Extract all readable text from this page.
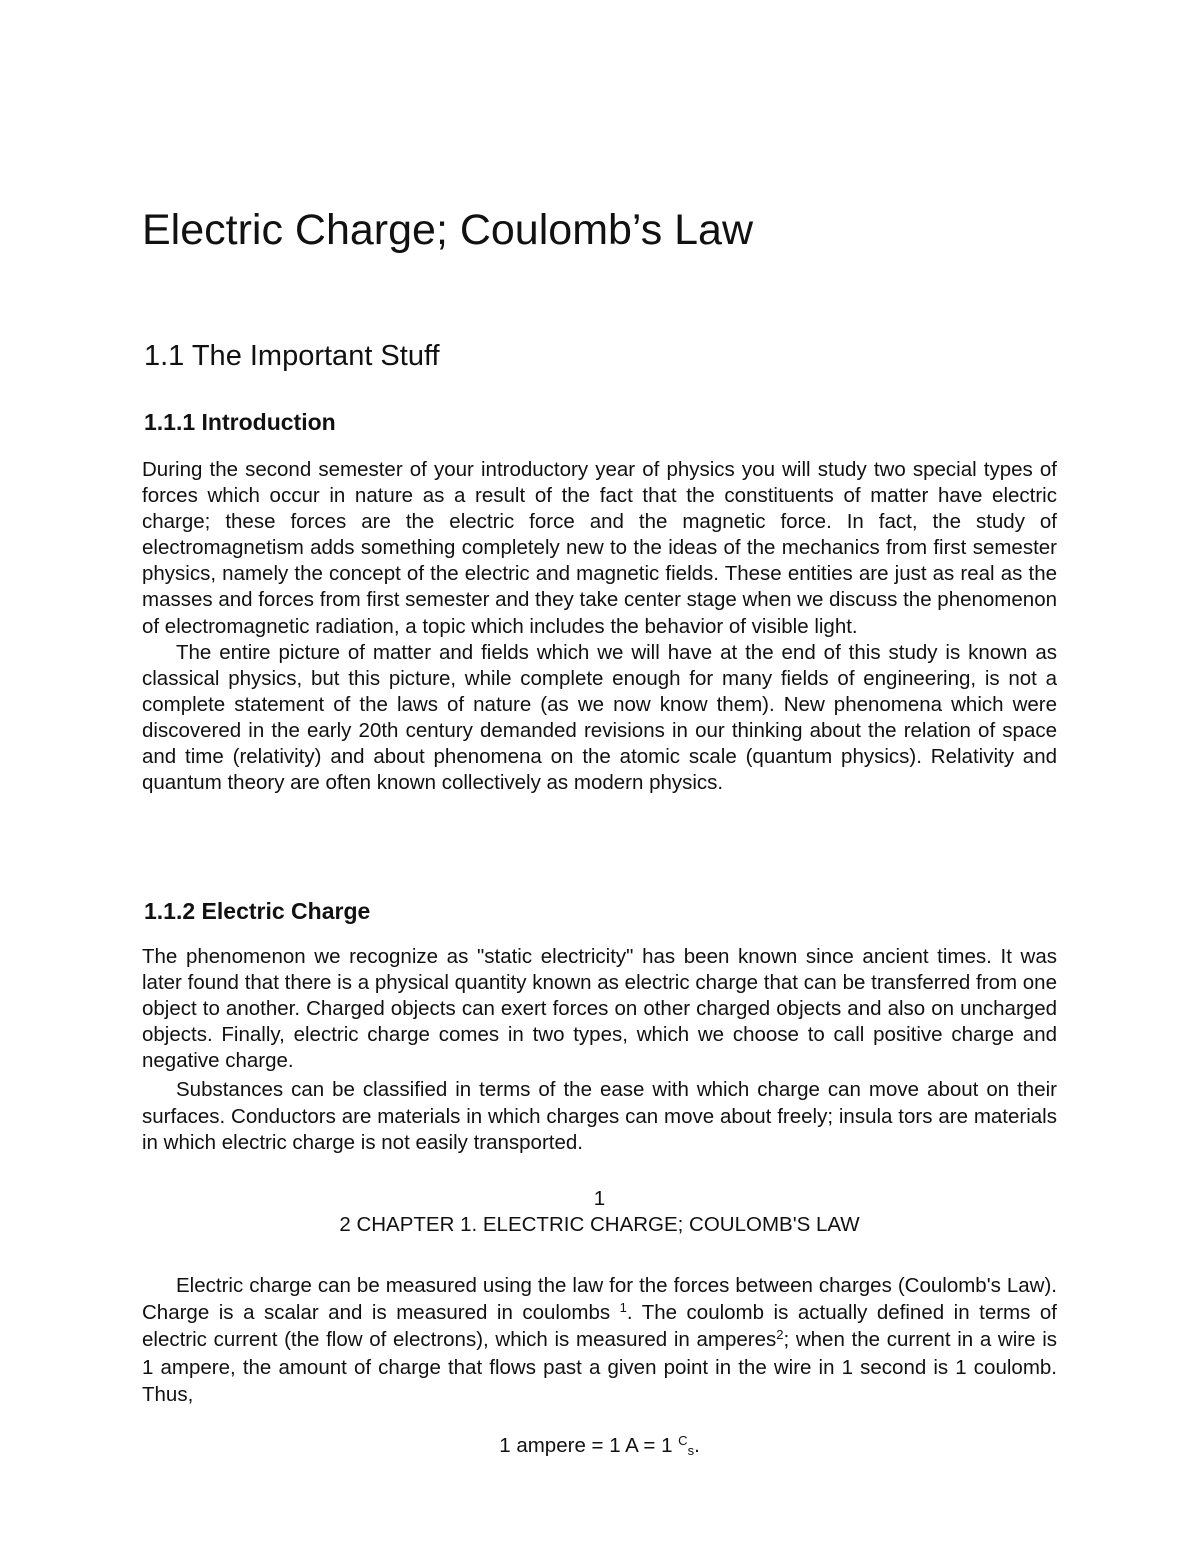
Electric Charge; Coulomb’s Law
1.1 The Important Stuff
1.1.1 Introduction

During the second semester of your introductory year of physics you will study two special types of forces which occur in nature as a result of the fact that the constituents of matter have electric charge; these forces are the electric force and the magnetic force. In fact, the study of electromagnetism adds something completely new to the ideas of the mechanics from first semester physics, namely the concept of the electric and magnetic fields. These entities are just as real as the masses and forces from first semester and they take center stage when we discuss the phenomenon of electromagnetic radiation, a topic which includes the behavior of visible light.

The entire picture of matter and fields which we will have at the end of this study is known as classical physics, but this picture, while complete enough for many fields of engineering, is not a complete statement of the laws of nature (as we now know them). New phenomena which were discovered in the early 20th century demanded revisions in our thinking about the relation of space and time (relativity) and about phenomena on the atomic scale (quantum physics). Relativity and quantum theory are often known collectively as modern physics.

1.1.2 Electric Charge

The phenomenon we recognize as "static electricity" has been known since ancient times. It was later found that there is a physical quantity known as electric charge that can be transferred from one object to another. Charged objects can exert forces on other charged objects and also on uncharged objects. Finally, electric charge comes in two types, which we choose to call positive charge and negative charge.

Substances can be classified in terms of the ease with which charge can move about on their surfaces. Conductors are materials in which charges can move about freely; insula tors are materials in which electric charge is not easily transported.

1

2 CHAPTER 1. ELECTRIC CHARGE; COULOMB'S LAW

Electric charge can be measured using the law for the forces between charges (Coulomb's Law). Charge is a scalar and is measured in coulombs $^1$. The coulomb is actually defined in terms of electric current (the flow of electrons), which is measured in amperes$^2$; when the current in a wire is 1 ampere, the amount of charge that flows past a given point in the wire in 1 second is 1 coulomb. Thus,

1 ampere = 1 A = 1 $^C_s$.
